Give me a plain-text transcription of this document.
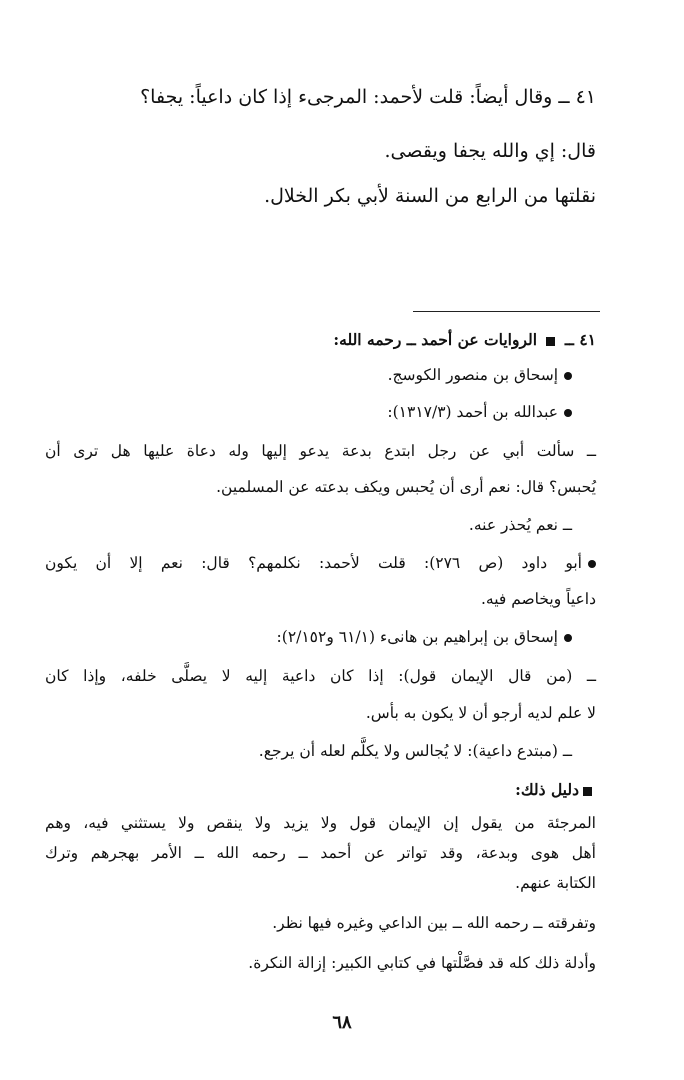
٤١ ــ وقال أيضاً: قلت لأحمد: المرجىء إذا كان داعياً: يجفا؟
قال: إي والله يجفا ويقصى.
نقلتها من الرابع من السنة لأبي بكر الخلال.
٤١ ــ  الروايات عن أحمد ــ رحمه الله:
إسحاق بن منصور الكوسج.
عبدالله بن أحمد (١٣١٧/٣):
ــ سألت أبي عن رجل ابتدع بدعة يدعو إليها وله دعاة عليها هل ترى أن
يُحبس؟ قال: نعم أرى أن يُحبس ويكف بدعته عن المسلمين.
ــ نعم يُحذر عنه.
أبو داود (ص ٢٧٦): قلت لأحمد: نكلمهم؟ قال: نعم إلا أن يكون
داعياً ويخاصم فيه.
إسحاق بن إبراهيم بن هانىء (٦١/١ و٢/١٥٢):
ــ (من قال الإيمان قول): إذا كان داعية إليه لا يصلَّى خلفه، وإذا كان
لا علم لديه أرجو أن لا يكون به بأس.
ــ (مبتدع داعية): لا يُجالس ولا يكلَّم لعله أن يرجع.
دليل ذلك:
المرجئة من يقول إن الإيمان قول ولا يزيد ولا ينقص ولا يستثني فيه، وهم
أهل هوى وبدعة، وقد تواتر عن أحمد ــ رحمه الله ــ الأمر بهجرهم وترك
الكتابة عنهم.
وتفرقته ــ رحمه الله ــ بين الداعي وغيره فيها نظر.
وأدلة ذلك كله قد فصَّلْتها في كتابي الكبير: إزالة النكرة.
٦٨
